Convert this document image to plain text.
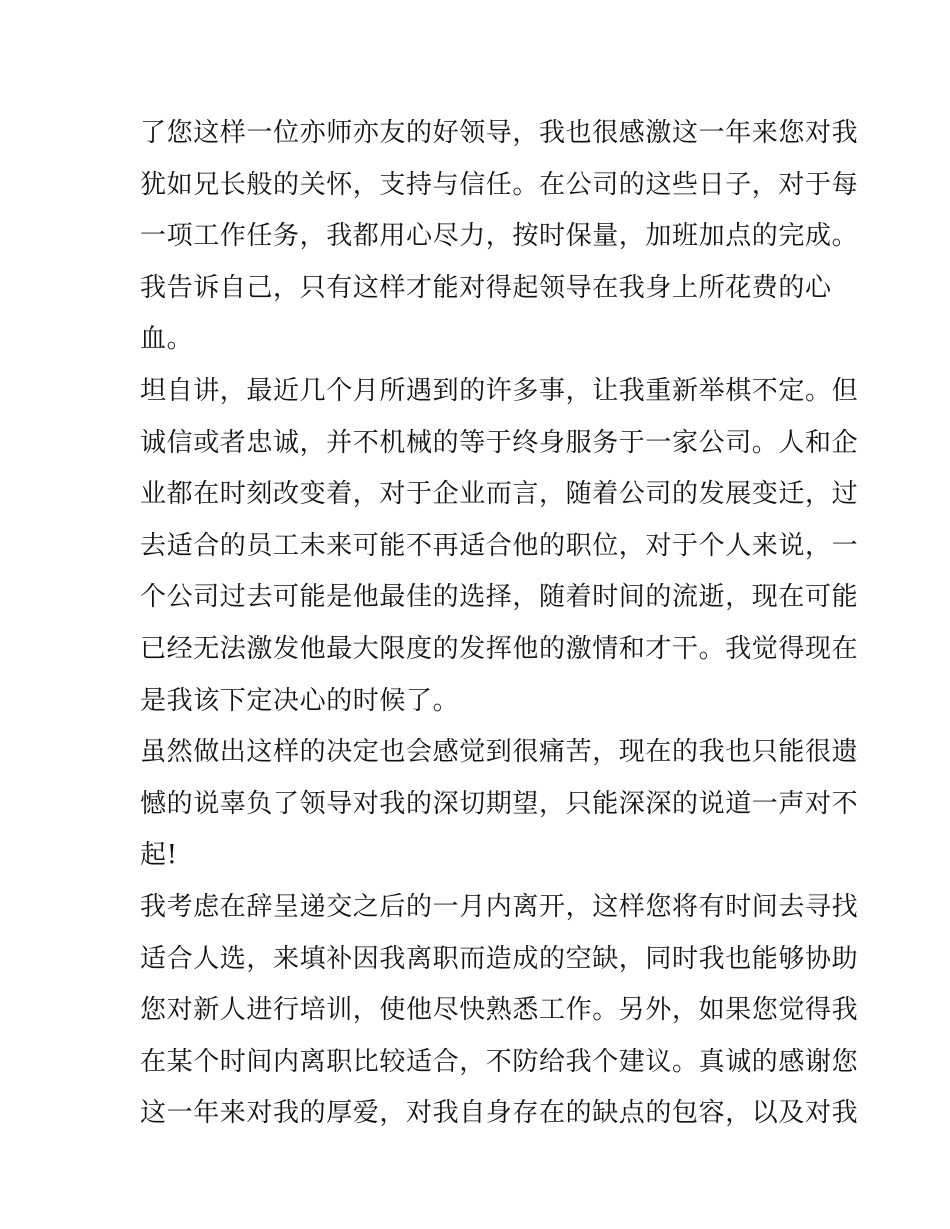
了您这样一位亦师亦友的好领导，我也很感激这一年来您对我
犹如兄长般的关怀，支持与信任。在公司的这些日子，对于每
一项工作任务，我都用心尽力，按时保量，加班加点的完成。
我告诉自己，只有这样才能对得起领导在我身上所花费的心
血。
坦自讲，最近几个月所遇到的许多事，让我重新举棋不定。但
诚信或者忠诚，并不机械的等于终身服务于一家公司。人和企
业都在时刻改变着，对于企业而言，随着公司的发展变迁，过
去适合的员工未来可能不再适合他的职位，对于个人来说，一
个公司过去可能是他最佳的选择，随着时间的流逝，现在可能
已经无法激发他最大限度的发挥他的激情和才干。我觉得现在
是我该下定决心的时候了。
虽然做出这样的决定也会感觉到很痛苦，现在的我也只能很遗
憾的说辜负了领导对我的深切期望，只能深深的说道一声对不
起!
我考虑在辞呈递交之后的一月内离开，这样您将有时间去寻找
适合人选，来填补因我离职而造成的空缺，同时我也能够协助
您对新人进行培训，使他尽快熟悉工作。另外，如果您觉得我
在某个时间内离职比较适合，不防给我个建议。真诚的感谢您
这一年来对我的厚爱，对我自身存在的缺点的包容，以及对我
